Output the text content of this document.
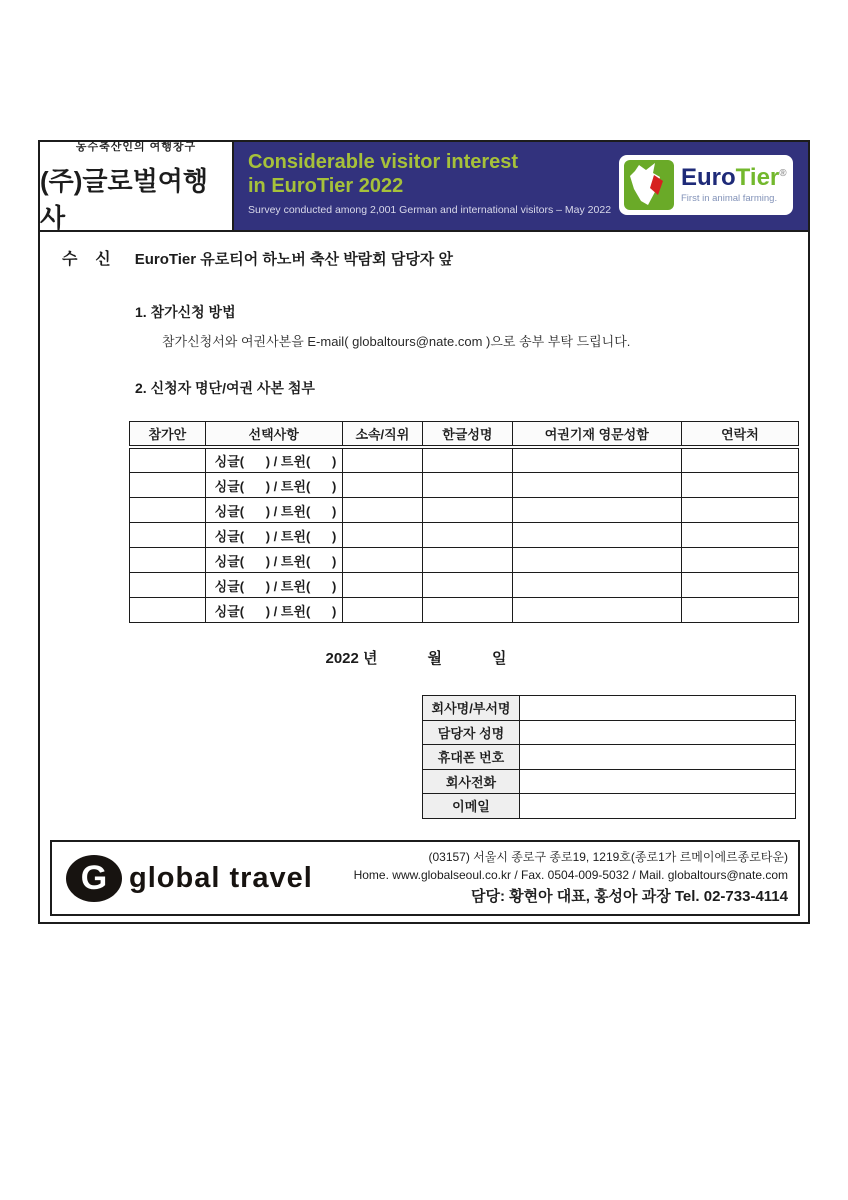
농수축산인의 여행창구
(주)글로벌여행사
Considerable visitor interest
in EuroTier 2022
Survey conducted among 2,001 German and international visitors – May 2022
EuroTier®
First in animal farming.
수    신 EuroTier 유로티어 하노버 축산 박람회 담당자 앞
1. 참가신청 방법
참가신청서와 여권사본을 E-mail( globaltours@nate.com )으로 송부 부탁 드립니다.
2. 신청자 명단/여권 사본 첨부
참가안	선택사항	소속/직위	한글성명	여권기재 영문성함	연락처
	싱글(      ) / 트윈(      )				
	싱글(      ) / 트윈(      )				
	싱글(      ) / 트윈(      )				
	싱글(      ) / 트윈(      )				
	싱글(      ) / 트윈(      )				
	싱글(      ) / 트윈(      )				
	싱글(      ) / 트윈(      )				
2022 년            월            일
회사명/부서명	
담당자 성명	
휴대폰 번호	
회사전화	
이메일	
G global travel
(03157) 서울시 종로구 종로19, 1219호(종로1가 르메이에르종로타운)
Home. www.globalseoul.co.kr / Fax. 0504-009-5032 / Mail. globaltours@nate.com
담당: 황현아 대표, 홍성아 과장 Tel. 02-733-4114
